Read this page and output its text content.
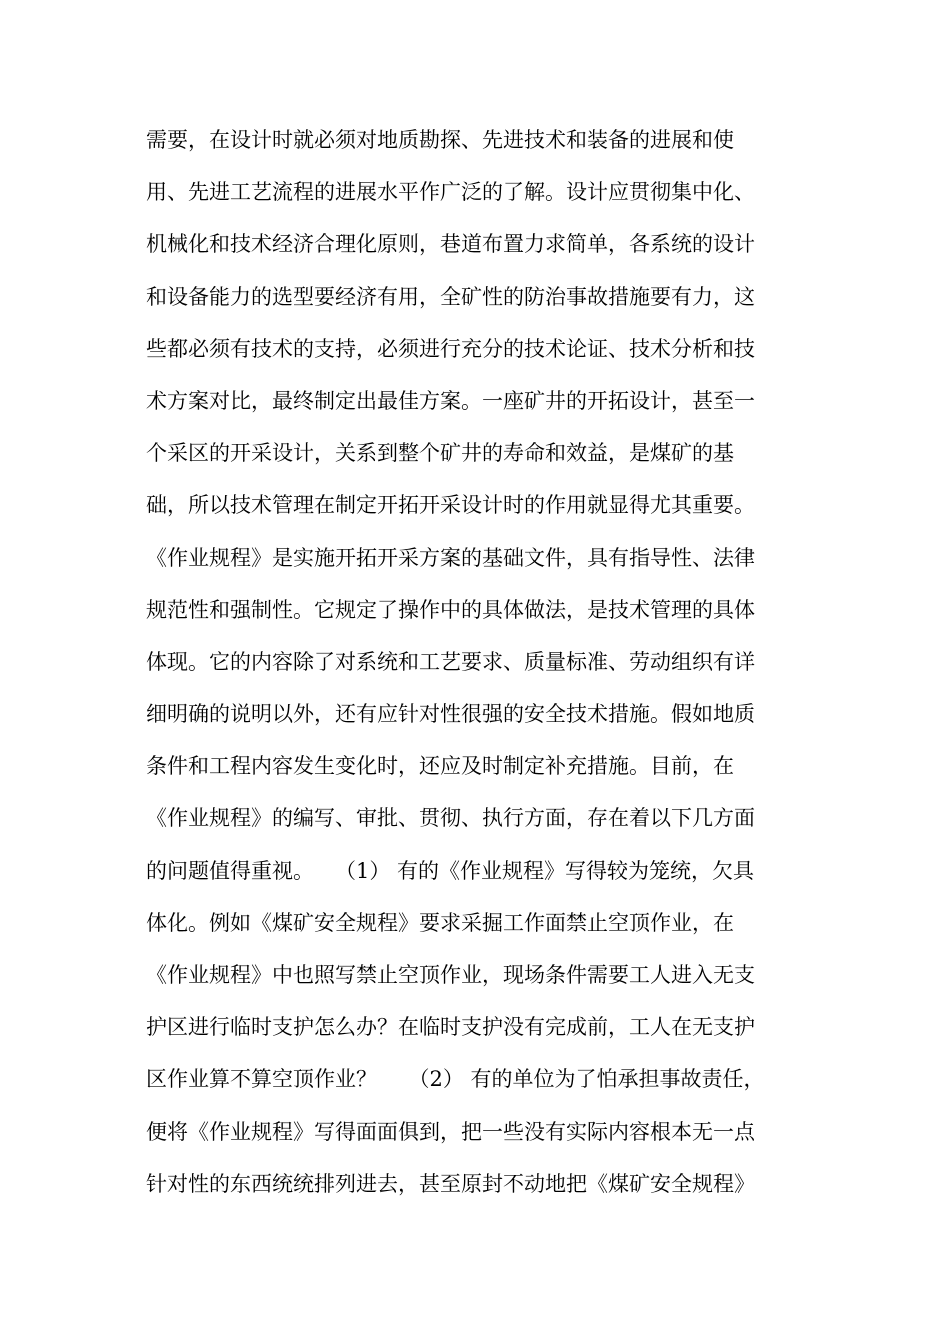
需要，在设计时就必须对地质勘探、先进技术和装备的进展和使
用、先进工艺流程的进展水平作广泛的了解。设计应贯彻集中化、
机械化和技术经济合理化原则，巷道布置力求简单，各系统的设计
和设备能力的选型要经济有用，全矿性的防治事故措施要有力，这
些都必须有技术的支持，必须进行充分的技术论证、技术分析和技
术方案对比，最终制定出最佳方案。一座矿井的开拓设计，甚至一
个采区的开采设计，关系到整个矿井的寿命和效益，是煤矿的基
础，所以技术管理在制定开拓开采设计时的作用就显得尤其重要。
《作业规程》是实施开拓开采方案的基础文件，具有指导性、法律
规范性和强制性。它规定了操作中的具体做法，是技术管理的具体
体现。它的内容除了对系统和工艺要求、质量标准、劳动组织有详
细明确的说明以外，还有应针对性很强的安全技术措施。假如地质
条件和工程内容发生变化时，还应及时制定补充措施。目前，在
《作业规程》的编写、审批、贯彻、执行方面，存在着以下几方面
的问题值得重视。　　（1） 有的《作业规程》写得较为笼统，欠具
体化。例如《煤矿安全规程》要求采掘工作面禁止空顶作业，在
《作业规程》中也照写禁止空顶作业，现场条件需要工人进入无支
护区进行临时支护怎么办？在临时支护没有完成前，工人在无支护
区作业算不算空顶作业？　　（2） 有的单位为了怕承担事故责任，
便将《作业规程》写得面面俱到，把一些没有实际内容根本无一点
针对性的东西统统排列进去，甚至原封不动地把《煤矿安全规程》
